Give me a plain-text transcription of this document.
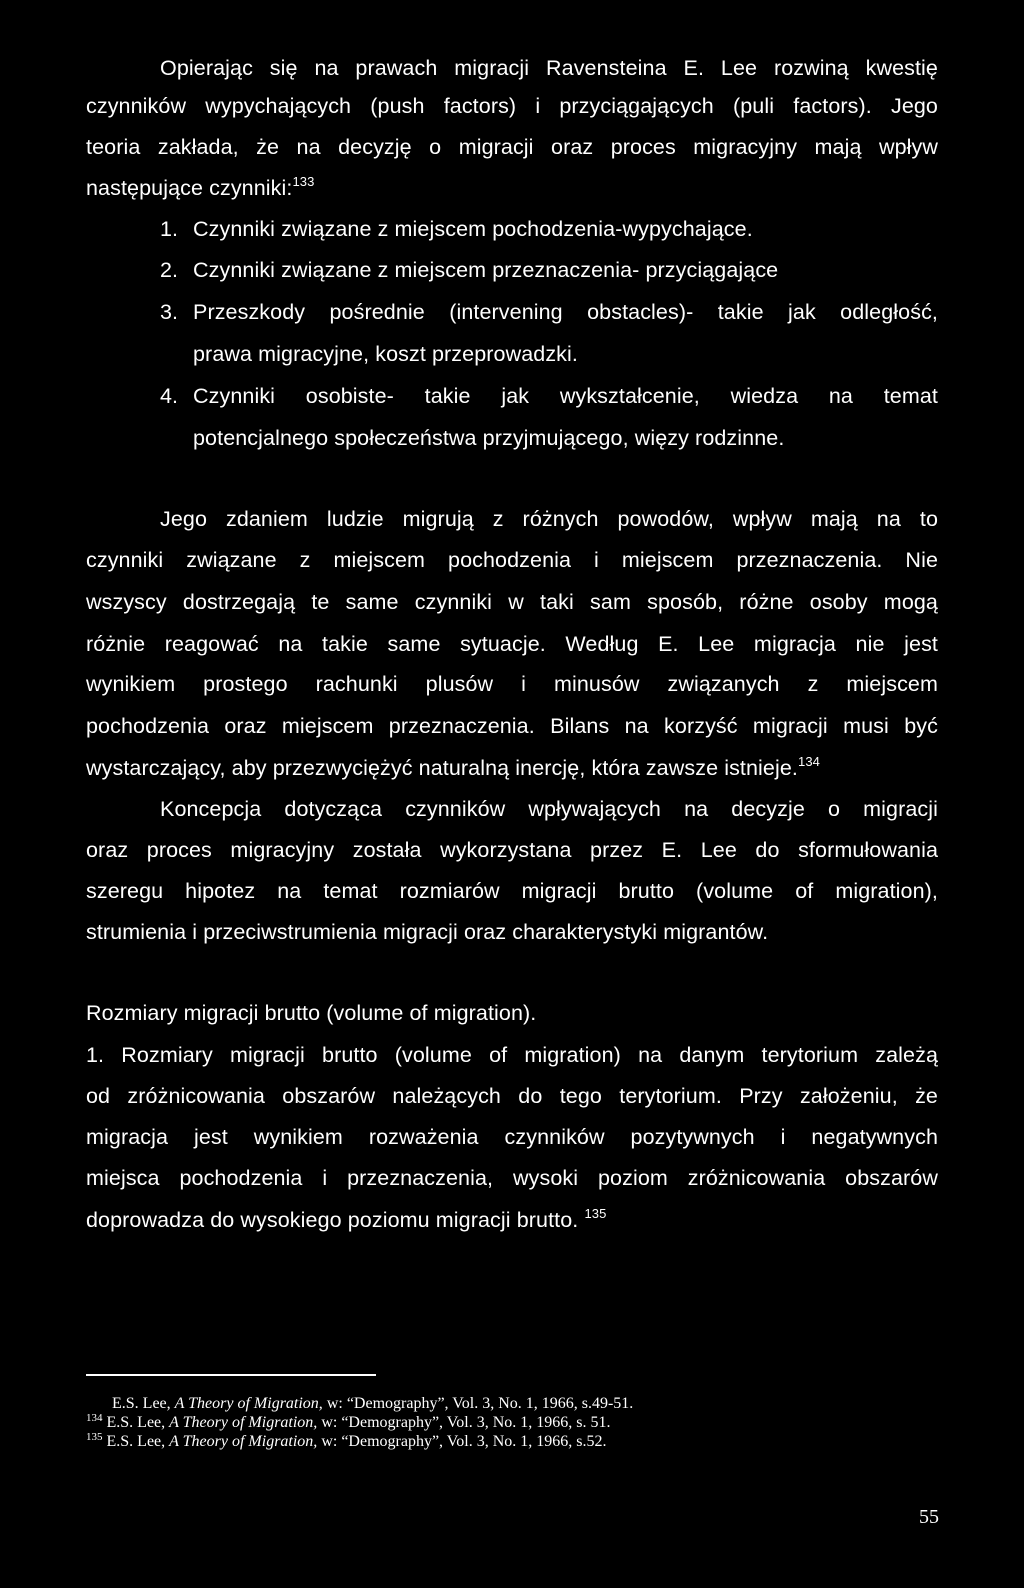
Opierając się na prawach migracji Ravensteina E. Lee rozwiną kwestię
czynników wypychających (push factors) i przyciągających (puli factors). Jego
teoria zakłada, że na decyzję o migracji oraz proces migracyjny mają wpływ
następujące czynniki:$^{133}$
1. Czynniki związane z miejscem pochodzenia-wypychające.
2. Czynniki związane z miejscem przeznaczenia- przyciągające
3. Przeszkody pośrednie (intervening obstacles)- takie jak odległość,
prawa migracyjne, koszt przeprowadzki.
4. Czynniki osobiste- takie jak wykształcenie, wiedza na temat
potencjalnego społeczeństwa przyjmującego, więzy rodzinne.
Jego zdaniem ludzie migrują z różnych powodów, wpływ mają na to
czynniki związane z miejscem pochodzenia i miejscem przeznaczenia. Nie
wszyscy dostrzegają te same czynniki w taki sam sposób, różne osoby mogą
różnie reagować na takie same sytuacje. Według E. Lee migracja nie jest
wynikiem prostego rachunki plusów i minusów związanych z miejscem
pochodzenia oraz miejscem przeznaczenia. Bilans na korzyść migracji musi być
wystarczający, aby przezwyciężyć naturalną inercję, która zawsze istnieje.$^{134}$
Koncepcja dotycząca czynników wpływających na decyzje o migracji
oraz proces migracyjny została wykorzystana przez E. Lee do sformułowania
szeregu hipotez na temat rozmiarów migracji brutto (volume of migration),
strumienia i przeciwstrumienia migracji oraz charakterystyki migrantów.
Rozmiary migracji brutto (volume of migration).
1. Rozmiary migracji brutto (volume of migration) na danym terytorium zależą
od zróżnicowania obszarów należących do tego terytorium. Przy założeniu, że
migracja jest wynikiem rozważenia czynników pozytywnych i negatywnych
miejsca pochodzenia i przeznaczenia, wysoki poziom zróżnicowania obszarów
doprowadza do wysokiego poziomu migracji brutto. $^{135}$
E.S. Lee, A Theory of Migration, w: “Demography”, Vol. 3, No. 1, 1966, s.49-51.
$^{134}$ E.S. Lee, A Theory of Migration, w: “Demography”, Vol. 3, No. 1, 1966, s. 51.
$^{135}$ E.S. Lee, A Theory of Migration, w: “Demography”, Vol. 3, No. 1, 1966, s.52.
55
